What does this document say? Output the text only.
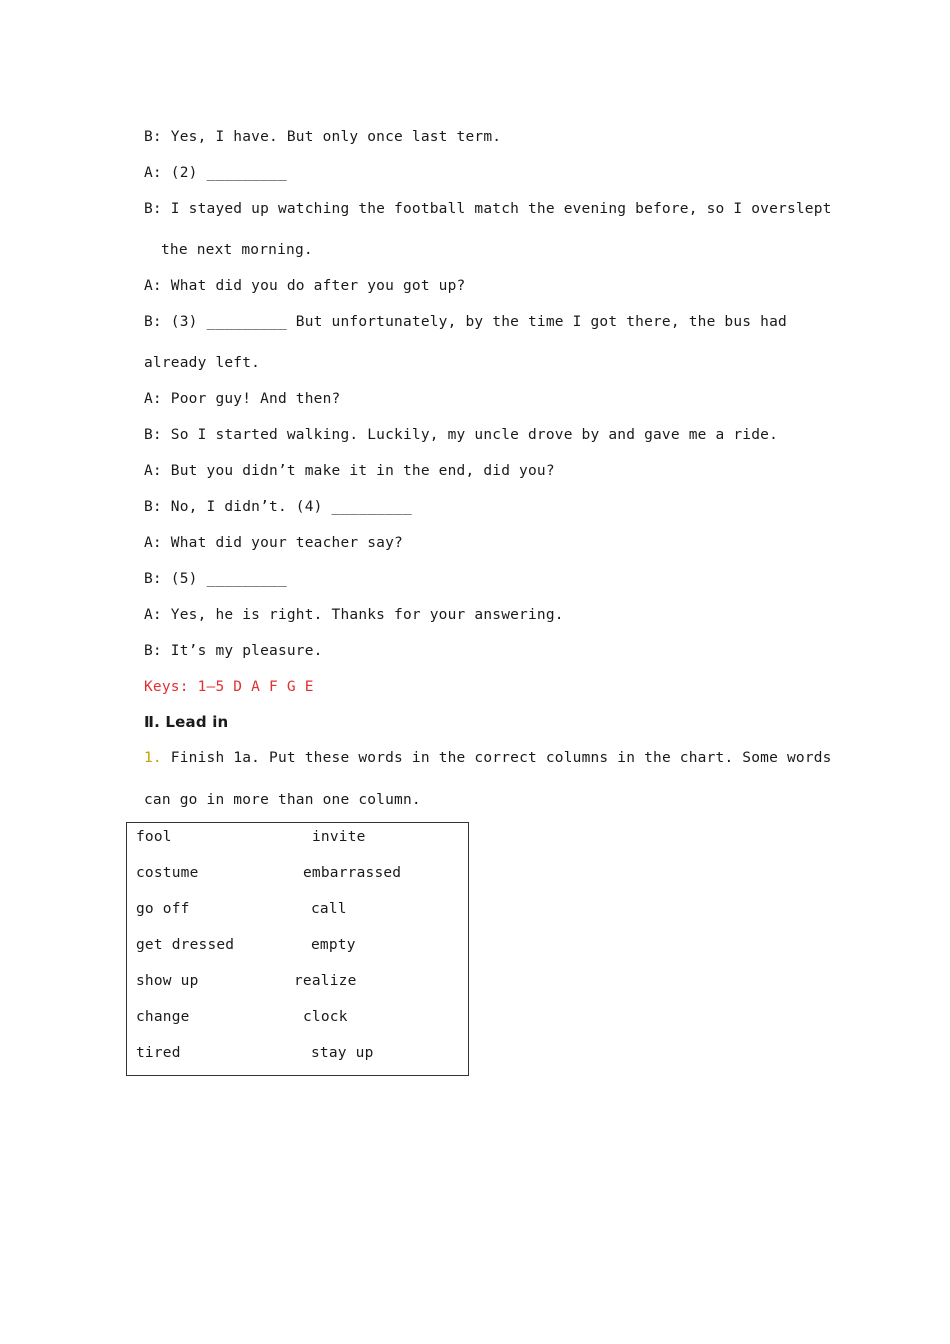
B: Yes, I have. But only once last term.
A: (2) _________
B: I stayed up watching the football match the evening before, so I overslept
the next morning.
A: What did you do after you got up?
B: (3) _________ But unfortunately, by the time I got there, the bus had
already left.
A: Poor guy! And then?
B: So I started walking. Luckily, my uncle drove by and gave me a ride.
A: But you didn’t make it in the end, did you?
B: No, I didn’t. (4) _________
A: What did your teacher say?
B: (5) _________
A: Yes, he is right. Thanks for your answering.
B: It’s my pleasure.
Keys: 1—5 D A F G E
Ⅱ. Lead in
1. Finish 1a. Put these words in the correct columns in the chart. Some words
can go in more than one column.
fool
costume
go off
get dressed
show up
change
tired
invite
embarrassed
call
empty
realize
clock
stay up
